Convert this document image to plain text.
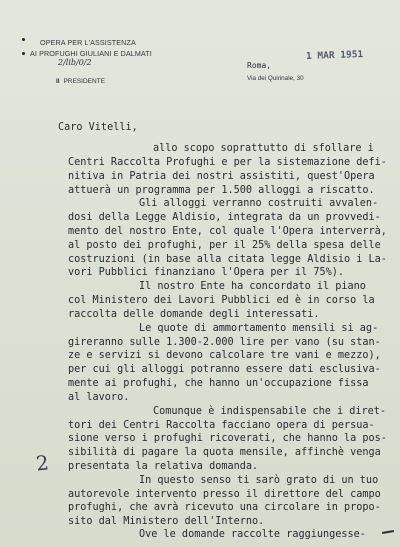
OPERA PER L'ASSISTENZA
AI PROFUGHI GIULIANI E DALMATI
2/lib/0/2
Il PRESIDENTE
Roma,
Via dei Quirinale, 30
1 MAR 1951
Caro Vitelli,
allo scopo soprattutto di sfollare i
Centri Raccolta Profughi e per la sistemazione defi-
nitiva in Patria dei nostri assistiti, quest'Opera
attuerà un programma per 1.500 alloggi a riscatto.
Gli alloggi verranno costruiti avvalen-
dosi della Legge Aldisio, integrata da un provvedi-
mento del nostro Ente, col quale l'Opera interverrà,
al posto dei profughi, per il 25% della spesa delle
costruzioni (in base alla citata legge Aldisio i La-
vori Pubblici finanziano l'Opera per il 75%).
Il nostro Ente ha concordato il piano
col Ministero dei Lavori Pubblici ed è in corso la
raccolta delle domande degli interessati.
Le quote di ammortamento mensili si ag-
gireranno sulle 1.300-2.000 lire per vano (su stan-
ze e servizi si devono calcolare tre vani e mezzo),
per cui gli alloggi potranno essere dati esclusiva-
mente ai profughi, che hanno un'occupazione fissa
al lavoro.
Comunque è indispensabile che i diret-
tori dei Centri Raccolta facciano opera di persua-
sione verso i profughi ricoverati, che hanno la pos-
sibilità di pagare la quota mensile, affinchè venga
presentata la relativa domanda.
In questo senso ti sarò grato di un tuo
autorevole intervento presso il direttore del campo
profughi, che avrà ricevuto una circolare in propo-
sito dal Ministero dell'Interno.
Ove le domande raccolte raggiungesse-
2
